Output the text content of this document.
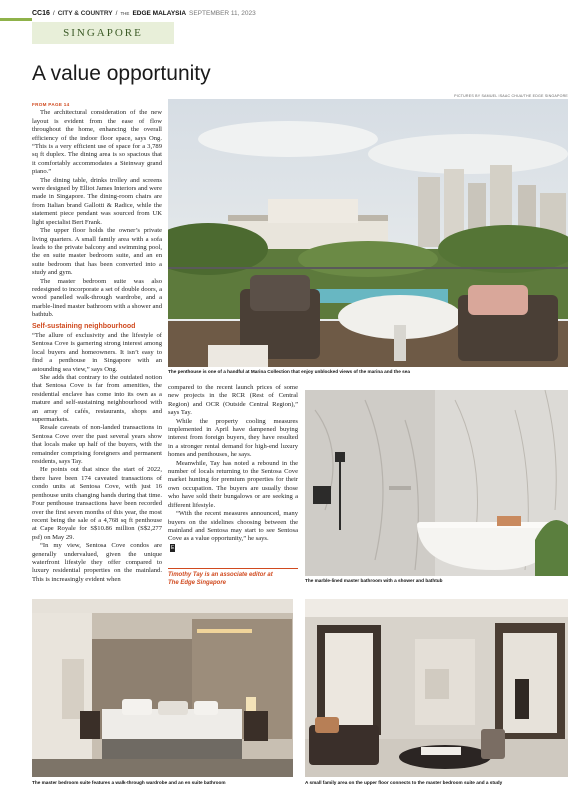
CC16 / CITY & COUNTRY / THE EDGE MALAYSIA SEPTEMBER 11, 2023
SINGAPORE
A value opportunity
PICTURES BY SAMUEL ISAAC CHUA/THE EDGE SINGAPORE
FROM PAGE 14

The architectural consideration of the new layout is evident from the ease of flow throughout the home, enhancing the overall efficiency of the indoor floor space, says Ong. “This is a very efficient use of space for a 3,789 sq ft duplex. The dining area is so spacious that it comfortably accommodates a Steinway grand piano.”

The dining table, drinks trolley and screens were designed by Elliot James Interiors and were made in Singapore. The dining-room chairs are from Italian brand Gallotti & Radice, while the statement piece pendant was sourced from UK light specialist Bert Frank.

The upper floor holds the owner’s private living quarters. A small family area with a sofa leads to the private balcony and swimming pool, the en suite master bedroom suite, and an en suite bedroom that has been converted into a study and gym.

The master bedroom suite was also redesigned to incorporate a set of double doors, a wood panelled walk-through wardrobe, and a marble-lined master bathroom with a shower and bathtub.

Self-sustaining neighbourhood

“The allure of exclusivity and the lifestyle of Sentosa Cove is garnering strong interest among local buyers and homeowners. It isn’t easy to find a penthouse in Singapore with an astounding sea view,” says Ong.

She adds that contrary to the outdated notion that Sentosa Cove is far from amenities, the residential enclave has come into its own as a mature and self-sustaining neighbourhood with an array of cafés, restaurants, shops and supermarkets.

Resale caveats of non-landed transactions in Sentosa Cove over the past several years show that locals make up half of the buyers, with the remainder comprising foreigners and permanent residents, says Tay.

He points out that since the start of 2022, there have been 174 caveated transactions of condo units at Sentosa Cove, with just 16 penthouse units changing hands during that time. Four penthouse transactions have been recorded over the first seven months of this year, the most recent being the sale of a 4,768 sq ft penthouse at Cape Royale for S$10.86 million (S$2,277 psf) on May 29.

“In my view, Sentosa Cove condos are generally undervalued, given the unique waterfront lifestyle they offer compared to luxury residential properties on the mainland. This is increasingly evident when

The penthouse is one of a handful at Marina Collection that enjoy unblocked views of the marina and the sea

compared to the recent launch prices of some new projects in the RCR (Rest of Central Region) and OCR (Outside Central Region),” says Tay.

While the property cooling measures implemented in April have dampened buying interest from foreign buyers, they have resulted in a stronger rental demand for high-end luxury homes and penthouses, he says.

Meanwhile, Tay has noted a rebound in the number of locals returning to the Sentosa Cove market hunting for premium properties for their own occupation. The buyers are usually those who have sold their bungalows or are seeking a different lifestyle.

“With the recent measures announced, many buyers on the sidelines choosing between the mainland and Sentosa may start to see Sentosa Cove as a value opportunity,” he says.

E
Timothy Tay is an associate editor at
The Edge Singapore	The marble-lined master bathroom with a shower and bathtub
The master bedroom suite features a walk-through wardrobe and an en suite bathroom	A small family area on the upper floor connects to the master bedroom suite and a study
